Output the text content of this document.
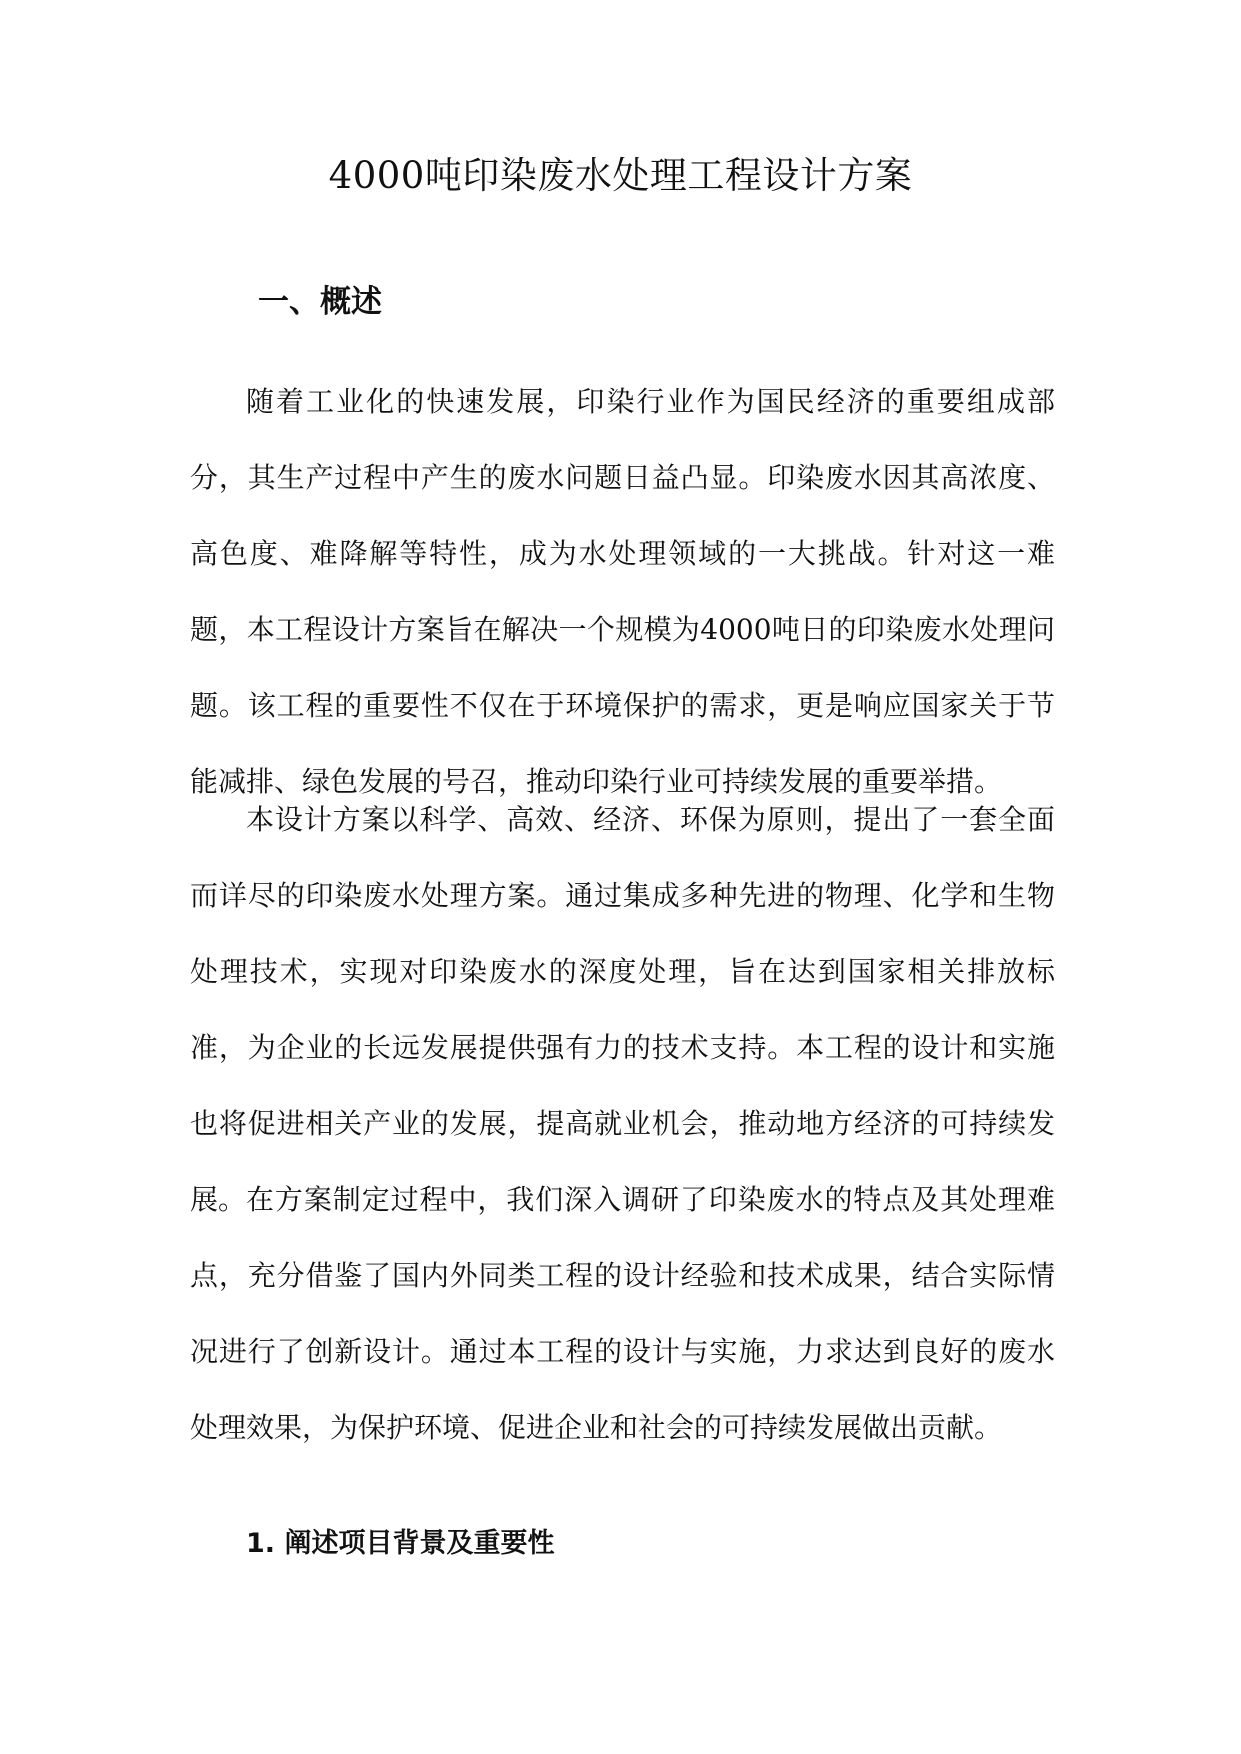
4000吨印染废水处理工程设计方案
一、概述

随着工业化的快速发展，印染行业作为国民经济的重要组成部分，其生产过程中产生的废水问题日益凸显。印染废水因其高浓度、高色度、难降解等特性，成为水处理领域的一大挑战。针对这一难题，本工程设计方案旨在解决一个规模为4000吨日的印染废水处理问题。该工程的重要性不仅在于环境保护的需求，更是响应国家关于节能减排、绿色发展的号召，推动印染行业可持续发展的重要举措。

本设计方案以科学、高效、经济、环保为原则，提出了一套全面而详尽的印染废水处理方案。通过集成多种先进的物理、化学和生物处理技术，实现对印染废水的深度处理，旨在达到国家相关排放标准，为企业的长远发展提供强有力的技术支持。本工程的设计和实施也将促进相关产业的发展，提高就业机会，推动地方经济的可持续发展。 在方案制定过程中，我们深入调研了印染废水的特点及其处理难点，充分借鉴了国内外同类工程的设计经验和技术成果，结合实际情况进行了创新设计。通过本工程的设计与实施，力求达到良好的废水处理效果，为保护环境、促进企业和社会的可持续发展做出贡献。

1. 阐述项目背景及重要性
